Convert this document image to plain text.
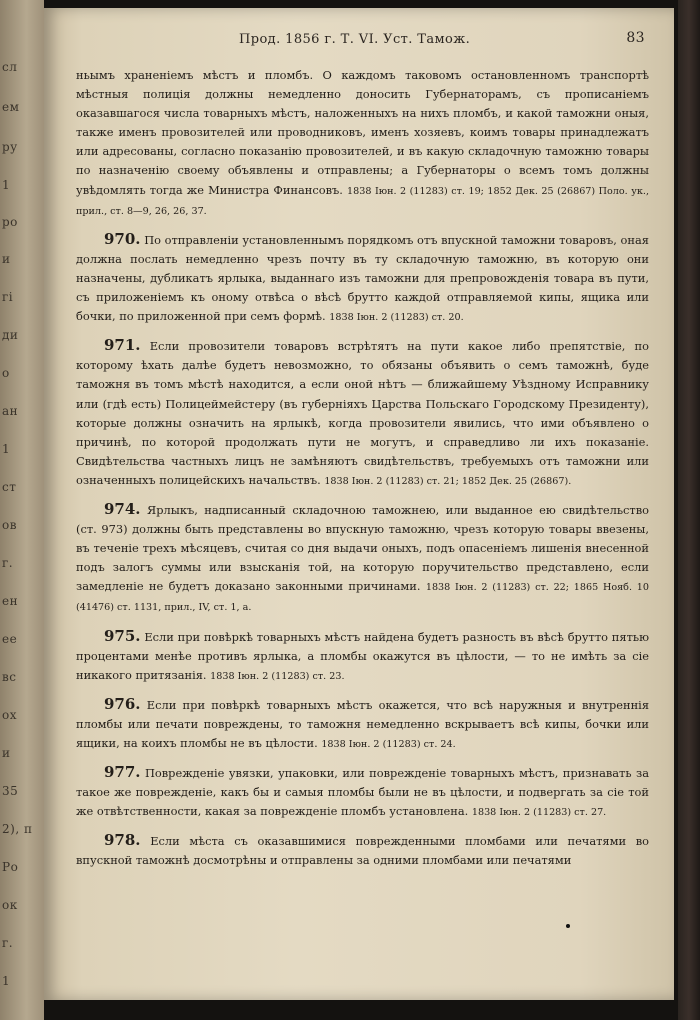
сл
ем
ру
1
ро
и
гі
ди
о
ан
1
ст
ов
г.
ен
ее
вс
ох
и
35
2), п
Ро
ок
г.
1
Прод. 1856 г. Т. VI. Уст. Тамож.	83

ньымъ храненіемъ мѣстъ и пломбъ. О каждомъ таковомъ остановленномъ транспортѣ мѣстныя полиція должны немедленно доносить Губернаторамъ, съ прописаніемъ оказавшагося числа товарныхъ мѣстъ, наложенныхъ на нихъ пломбъ, и какой таможни оныя, также именъ провозителей или проводниковъ, именъ хозяевъ, коимъ товары принадлежатъ или адресованы, согласно показанію провозителей, и въ какую складочную таможню товары по назначенію своему объявлены и отправлены; а Губернаторы о всемъ томъ должны увѣдомлять тогда же Министра Финансовъ. 1838 Іюн. 2 (11283) ст. 19; 1852 Дек. 25 (26867) Поло. ук., прил., ст. 8—9, 26, 26, 37.

970. По отправленіи установленнымъ порядкомъ отъ впускной таможни товаровъ, оная должна послать немедленно чрезъ почту въ ту складочную таможню, въ которую они назначены, дубликатъ ярлыка, выданнаго изъ таможни для препровожденія товара въ пути, съ приложеніемъ къ оному отвѣса о вѣсѣ брутто каждой отправляемой кипы, ящика или бочки, по приложенной при семъ формѣ. 1838 Іюн. 2 (11283) ст. 20.

971. Если провозители товаровъ встрѣтятъ на пути какое либо препятствіе, по которому ѣхать далѣе будетъ невозможно, то обязаны объявить о семъ таможнѣ, буде таможня въ томъ мѣстѣ находится, а если оной нѣтъ — ближайшему Уѣздному Исправнику или (гдѣ есть) Полицеймейстеру (въ губерніяхъ Царства Польскаго Городскому Президенту), которые должны означить на ярлыкѣ, когда провозители явились, что ими объявлено о причинѣ, по которой продолжать пути не могутъ, и справедливо ли ихъ показаніе. Свидѣтельства частныхъ лицъ не замѣняютъ свидѣтельствъ, требуемыхъ отъ таможни или означенныхъ полицейскихъ начальствъ. 1838 Іюн. 2 (11283) ст. 21; 1852 Дек. 25 (26867).

974. Ярлыкъ, надписанный складочною таможнею, или выданное ею свидѣтельство (ст. 973) должны быть представлены во впускную таможню, чрезъ которую товары ввезены, въ теченіе трехъ мѣсяцевъ, считая со дня выдачи оныхъ, подъ опасеніемъ лишенія внесенной подъ залогъ суммы или взысканія той, на которую поручительство представлено, если замедленіе не будетъ доказано законными причинами. 1838 Іюн. 2 (11283) ст. 22; 1865 Нояб. 10 (41476) ст. 1131, прил., IV, ст. 1, а.

975. Если при повѣркѣ товарныхъ мѣстъ найдена будетъ разность въ вѣсѣ брутто пятью процентами менѣе противъ ярлыка, а пломбы окажутся въ цѣлости, — то не имѣть за сіе никакого притязанія. 1838 Іюн. 2 (11283) ст. 23.

976. Если при повѣркѣ товарныхъ мѣстъ окажется, что всѣ наружныя и внутреннія пломбы или печати повреждены, то таможня немедленно вскрываетъ всѣ кипы, бочки или ящики, на коихъ пломбы не въ цѣлости. 1838 Іюн. 2 (11283) ст. 24.

977. Поврежденіе увязки, упаковки, или поврежденіе товарныхъ мѣстъ, признавать за такое же поврежденіе, какъ бы и самыя пломбы были не въ цѣлости, и подвергать за сіе той же отвѣтственности, какая за поврежденіе пломбъ установлена. 1838 Іюн. 2 (11283) ст. 27.

978. Если мѣста съ оказавшимися поврежденными пломбами или печатями во впускной таможнѣ досмотрѣны и отправлены за одними пломбами или печатями
